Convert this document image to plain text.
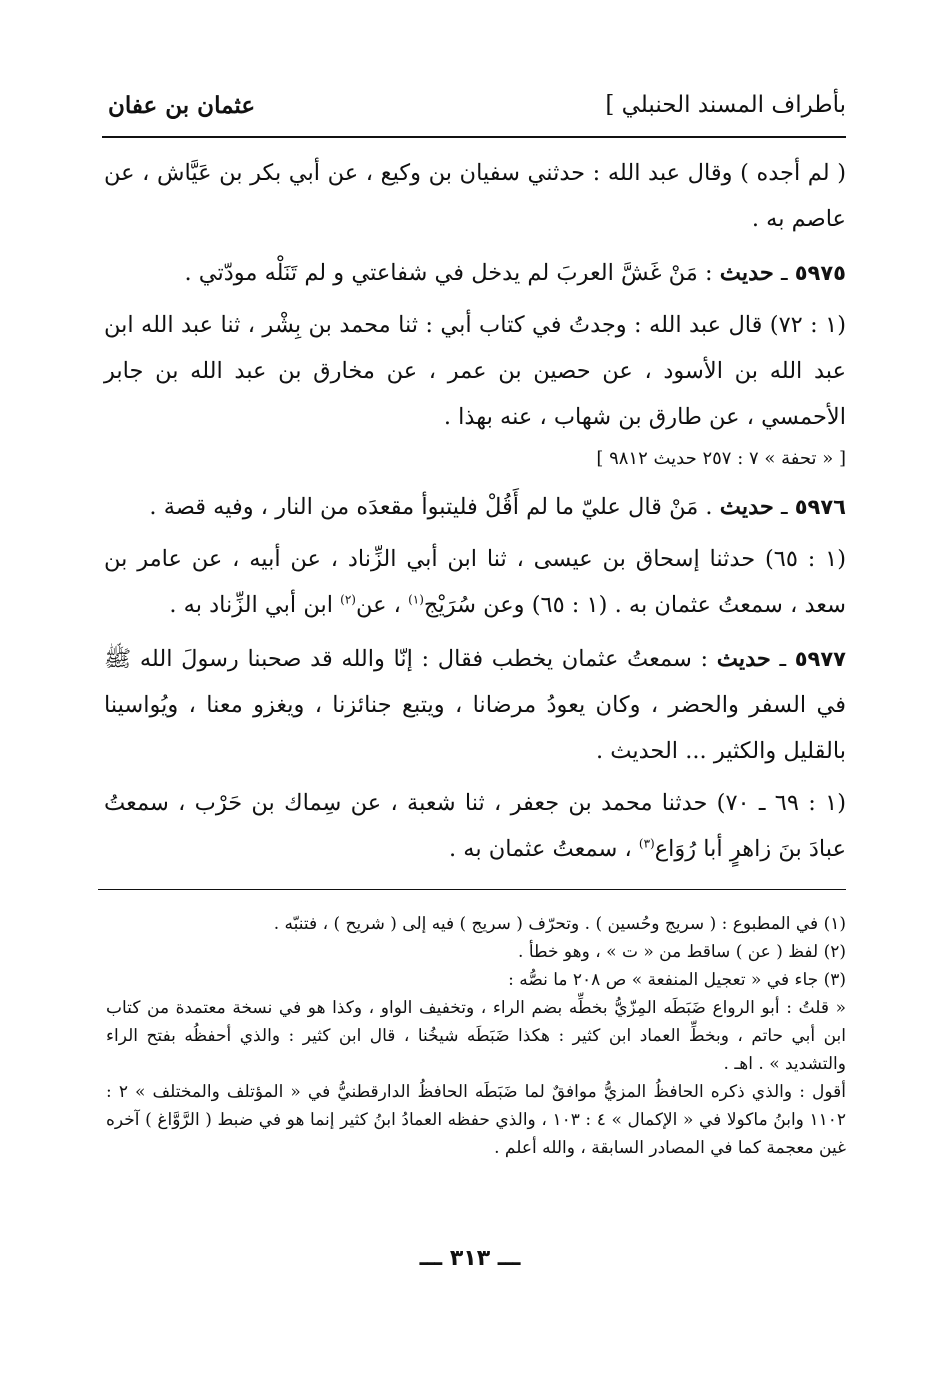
بأطراف المسند الحنبلي ]
عثمان بن عفان

( لم أجده ) وقال عبد الله : حدثني سفيان بن وكيع ، عن أبي بكر بن عَيَّاش ، عن عاصم به .

٥٩٧٥ ـ حديث : مَنْ غَشَّ العربَ لم يدخل في شفاعتي و لم تَنَلْه مودّتي .

(١ : ٧٢) قال عبد الله : وجدتُ في كتاب أبي : ثنا محمد بن بِشْر ، ثنا عبد الله ابن عبد الله بن الأسود ، عن حصين بن عمر ، عن مخارق بن عبد الله بن جابر الأحمسي ، عن طارق بن شهاب ، عنه بهذا .

[ « تحفة » ٧ : ٢٥٧ حديث ٩٨١٢ ]

٥٩٧٦ ـ حديث . مَنْ قال عليّ ما لم أَقُلْ فليتبوأ مقعدَه من النار ، وفيه قصة .

(١ : ٦٥) حدثنا إسحاق بن عيسى ، ثنا ابن أبي الزِّناد ، عن أبيه ، عن عامر بن سعد ، سمعتُ عثمان به . (١ : ٦٥) وعن سُرَيْج$^{(١)}$ ، عن$^{(٢)}$ ابن أبي الزِّناد به .

٥٩٧٧ ـ حديث : سمعتُ عثمان يخطب فقال : إنّا والله قد صحبنا رسولَ الله ﷺ في السفر والحضر ، وكان يعودُ مرضانا ، ويتبع جنائزنا ، ويغزو معنا ، ويُواسينا بالقليل والكثير ... الحديث .

(١ : ٦٩ ـ ٧٠) حدثنا محمد بن جعفر ، ثنا شعبة ، عن سِماك بن حَرْب ، سمعتُ عبادَ بنَ زاهرٍ أبا رُوَاع$^{(٣)}$ ، سمعتُ عثمان به .

(١) في المطبوع : ( سريج وحُسين ) . وتحرّف ( سريج ) فيه إلى ( شريح ) ، فتنبّه .

(٢) لفظ ( عن ) ساقط من « ت » ، وهو خطأ .

(٣) جاء في « تعجيل المنفعة » ص ٢٠٨ ما نصُّه :

« قلتُ : أبو الرواع ضَبَطَه المِزّيُّ بخطِّه بضم الراء ، وتخفيف الواو ، وكذا هو في نسخة معتمدة من كتاب ابن أبي حاتم ، وبخطِّ العماد ابن كثير : هكذا ضَبَطَه شيخُنا ، قال ابن كثير : والذي أحفظُه بفتح الراء والتشديد » . اهـ .

أقول : والذي ذكره الحافظُ المزيُّ موافقٌ لما ضَبَطَه الحافظُ الدارقطنيُّ في « المؤتلف والمختلف » ٢ : ١١٠٢ وابنُ ماكولا في « الإكمال » ٤ : ١٠٣ ، والذي حفظه العمادُ ابنُ كثير إنما هو في ضبط ( الرَّوَّاغ ) آخره غين معجمة كما في المصادر السابقة ، والله أعلم .

ـــ ٣١٣ ـــ
